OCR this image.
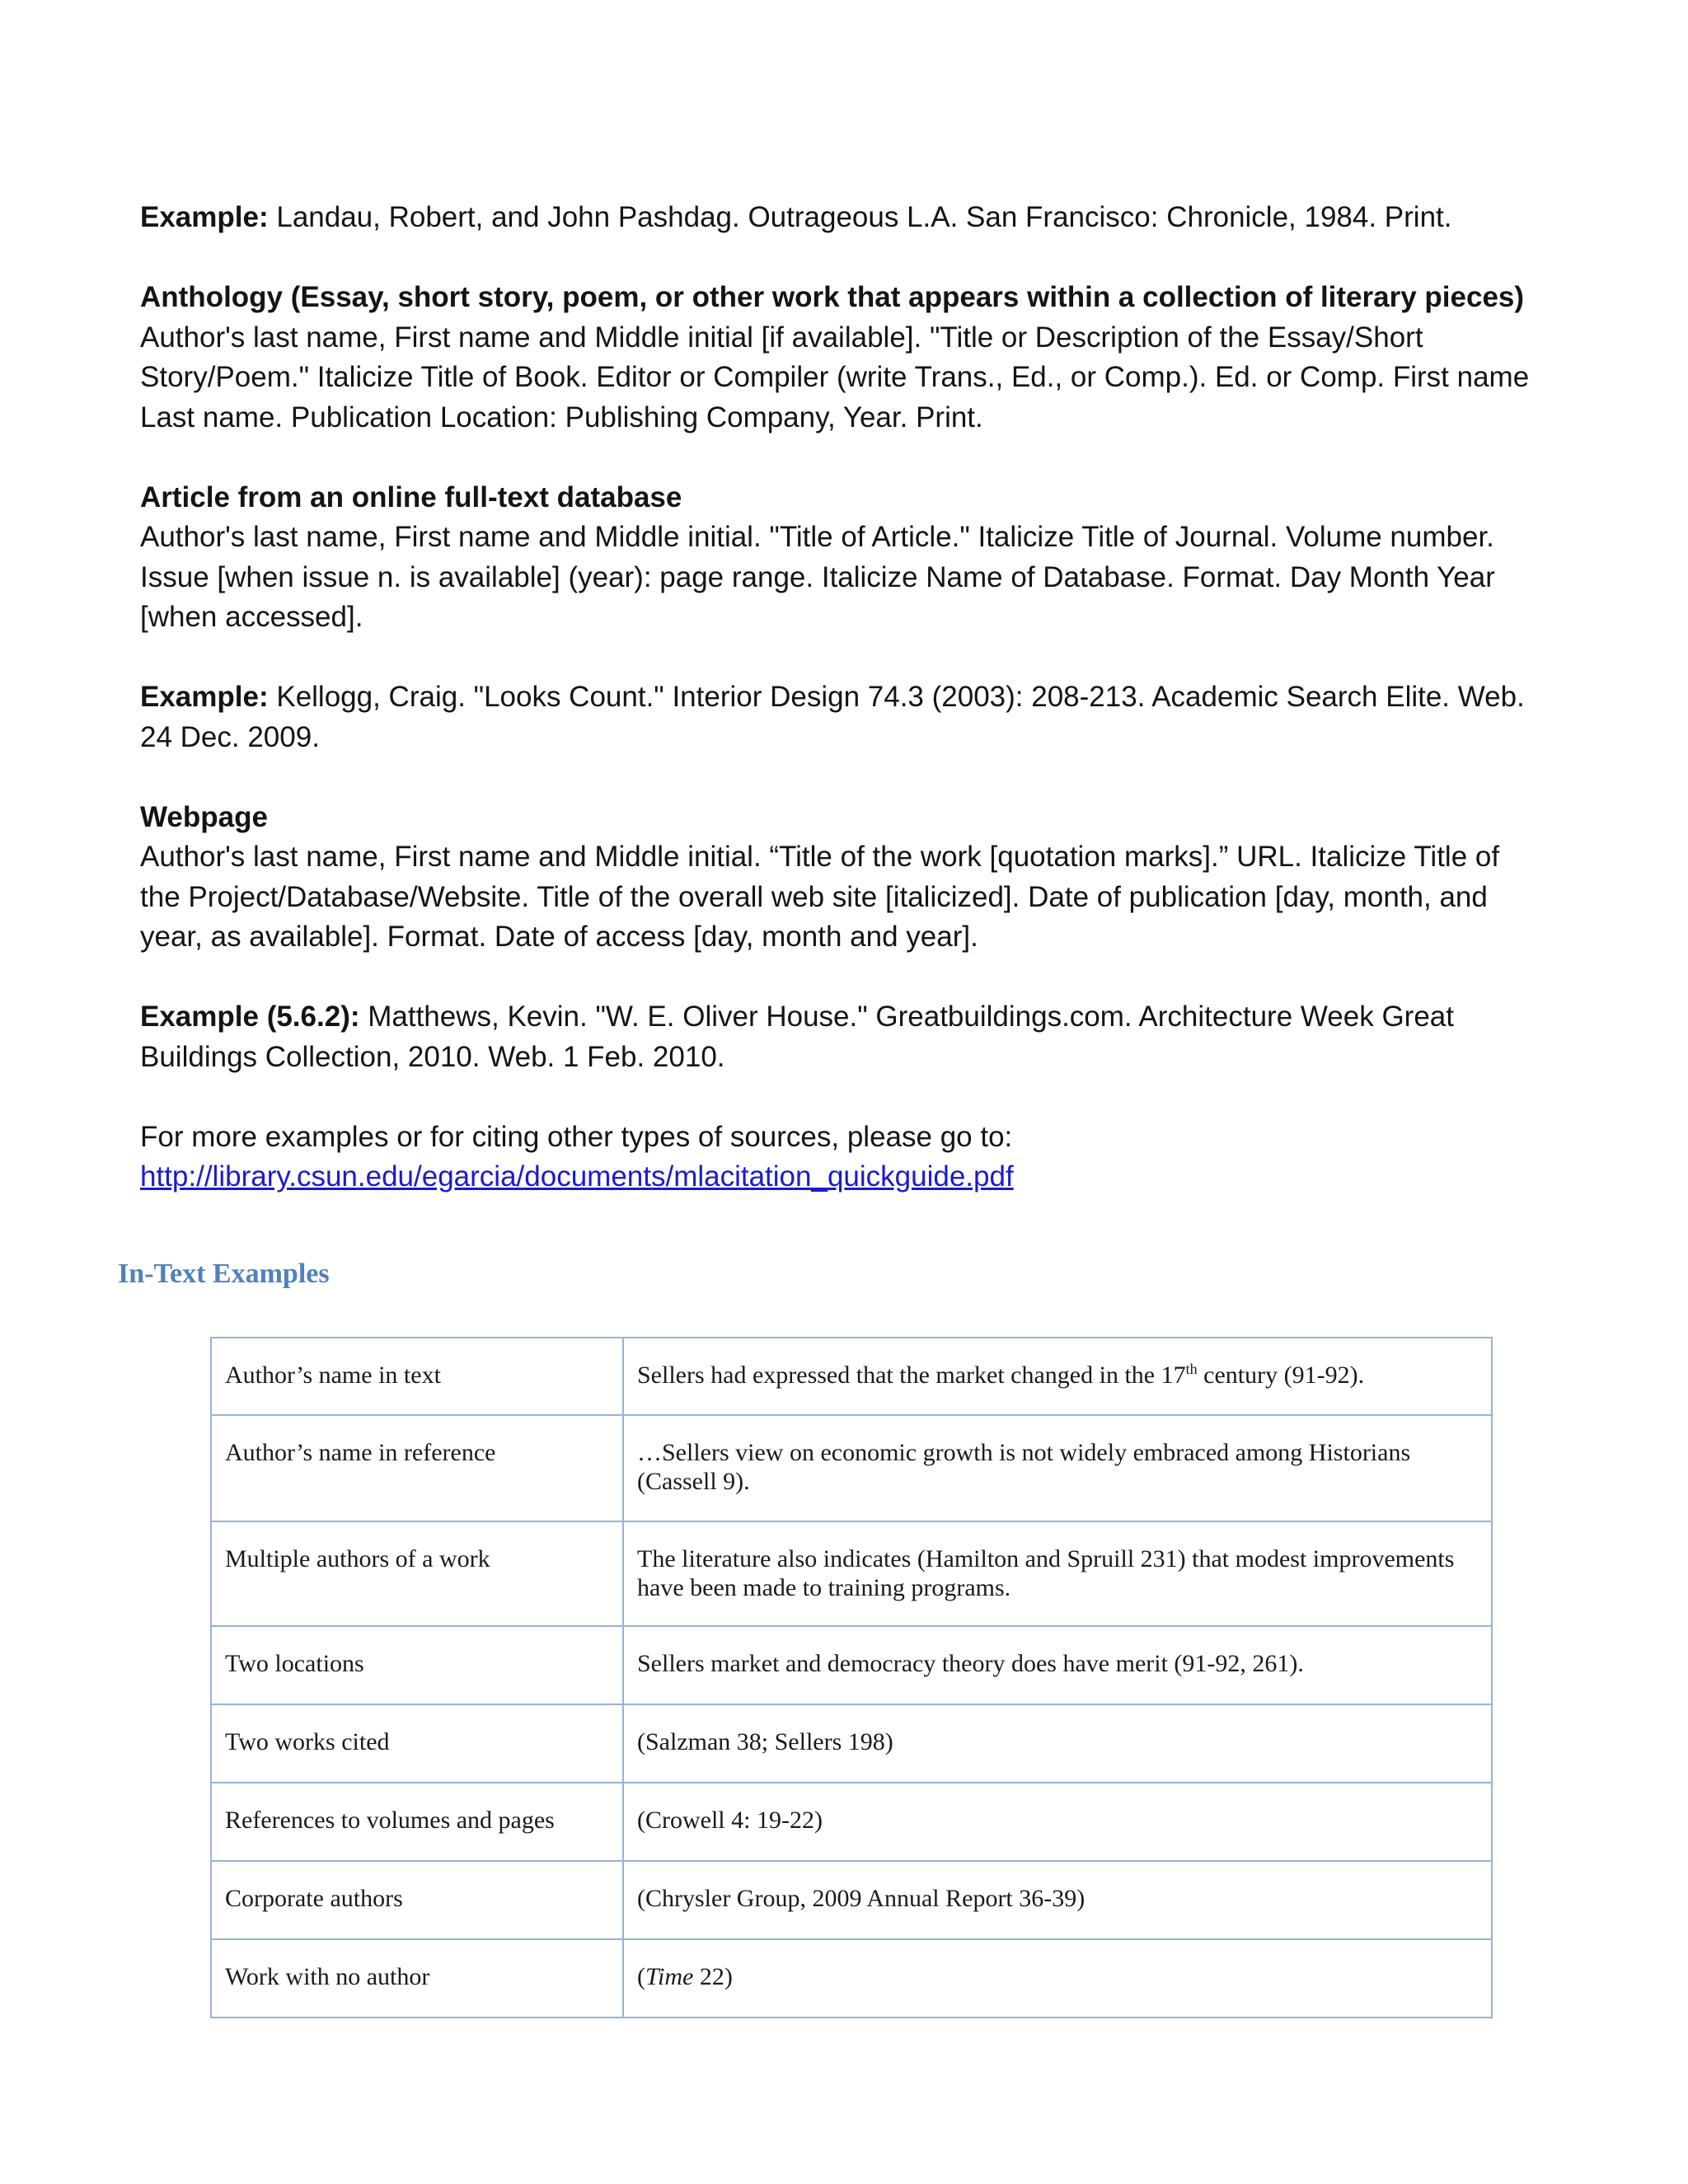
Example: Landau, Robert, and John Pashdag. Outrageous L.A. San Francisco: Chronicle, 1984. Print.

Anthology (Essay, short story, poem, or other work that appears within a collection of literary pieces)
Author's last name, First name and Middle initial [if available]. "Title or Description of the Essay/Short Story/Poem." Italicize Title of Book. Editor or Compiler (write Trans., Ed., or Comp.). Ed. or Comp. First name Last name. Publication Location: Publishing Company, Year. Print.

Article from an online full-text database
Author's last name, First name and Middle initial. "Title of Article." Italicize Title of Journal. Volume number. Issue [when issue n. is available] (year): page range. Italicize Name of Database. Format. Day Month Year [when accessed].

Example: Kellogg, Craig. "Looks Count." Interior Design 74.3 (2003): 208-213. Academic Search Elite. Web. 24 Dec. 2009.

Webpage
Author's last name, First name and Middle initial. “Title of the work [quotation marks].” URL. Italicize Title of the Project/Database/Website. Title of the overall web site [italicized]. Date of publication [day, month, and year, as available]. Format. Date of access [day, month and year].

Example (5.6.2): Matthews, Kevin. "W. E. Oliver House." Greatbuildings.com. Architecture Week Great Buildings Collection, 2010. Web. 1 Feb. 2010.

For more examples or for citing other types of sources, please go to:
http://library.csun.edu/egarcia/documents/mlacitation_quickguide.pdf

In-Text Examples
Author’s name in text	Sellers had expressed that the market changed in the 17th century (91-92).
Author’s name in reference	…Sellers view on economic growth is not widely embraced among Historians (Cassell 9).
Multiple authors of a work	The literature also indicates (Hamilton and Spruill 231) that modest improvements have been made to training programs.
Two locations	Sellers market and democracy theory does have merit (91-92, 261).
Two works cited	(Salzman 38; Sellers 198)
References to volumes and pages	(Crowell 4: 19-22)
Corporate authors	(Chrysler Group, 2009 Annual Report 36-39)
Work with no author	(Time 22)
